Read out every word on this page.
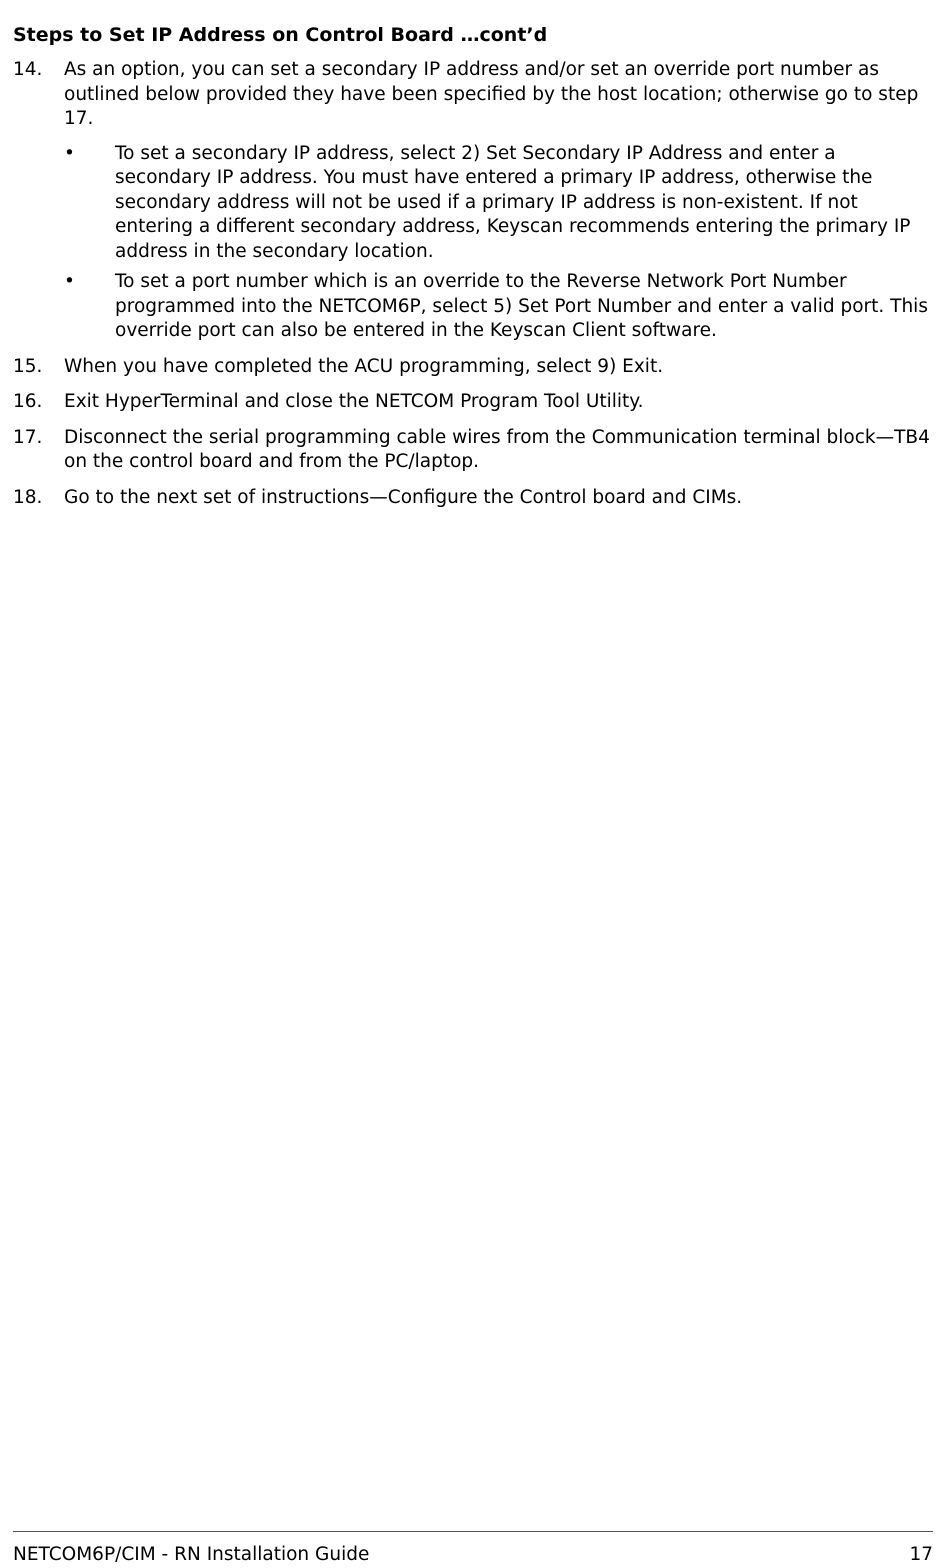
Steps to Set IP Address on Control Board …cont’d
14.	As an option, you can set a secondary IP address and/or set an override port number as outlined below provided they have been specified by the host location; otherwise go to step 17.
•	To set a secondary IP address, select 2) Set Secondary IP Address and enter a secondary IP address. You must have entered a primary IP address, otherwise the secondary address will not be used if a primary IP address is non-existent. If not entering a different secondary address, Keyscan recommends entering the primary IP address in the secondary location.
•	To set a port number which is an override to the Reverse Network Port Number programmed into the NETCOM6P, select 5) Set Port Number and enter a valid port. This override port can also be entered in the Keyscan Client software.
15.	When you have completed the ACU programming, select 9) Exit.
16.	Exit HyperTerminal and close the NETCOM Program Tool Utility.
17.	Disconnect the serial programming cable wires from the Communication terminal block—TB4 on the control board and from the PC/laptop.
18.	Go to the next set of instructions—Configure the Control board and CIMs.
NETCOM6P/CIM - RN Installation Guide	17
